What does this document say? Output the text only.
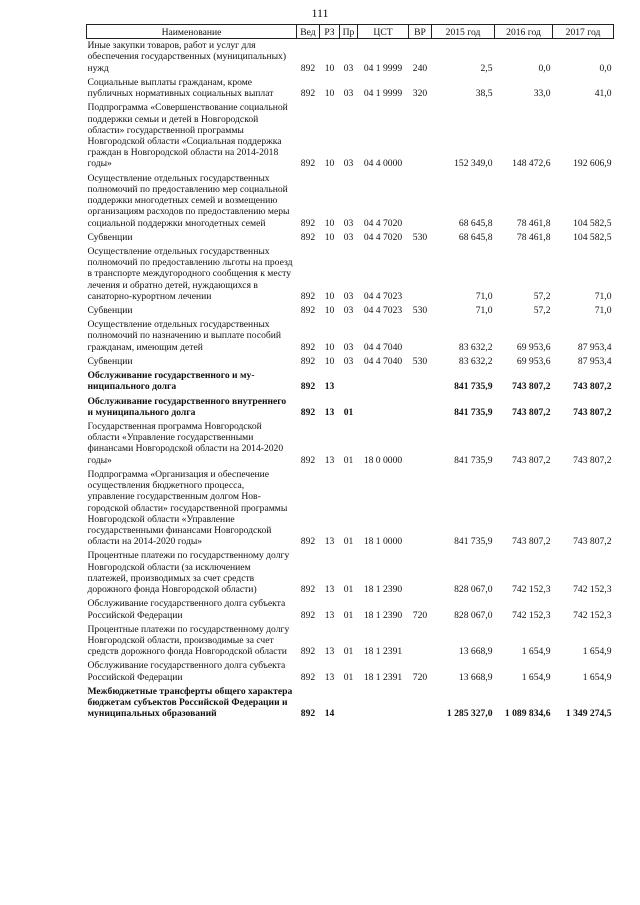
111
Наименование	Вед	РЗ	Пр	ЦСТ	ВР	2015 год	2016 год	2017 год
Иные закупки товаров, работ и услуг для обеспечения государственных (муниципальных) нужд	892	10	03	04 1 9999	240	2,5	0,0	0,0
Социальные выплаты гражданам, кроме публичных нормативных социальных выплат	892	10	03	04 1 9999	320	38,5	33,0	41,0
Подпрограмма «Совершенствование социальной поддержки семьи и детей в Новгородской области» государственной программы Новгородской области «Социальная поддержка граждан в Новгородской области на 2014-2018 годы»	892	10	03	04 4 0000		152 349,0	148 472,6	192 606,9
Осуществление отдельных государственных полномочий по предоставлению мер социальной поддержки многодетных семей и возмещению организациям расходов по предоставлению меры социальной поддержки многодетных семей	892	10	03	04 4 7020		68 645,8	78 461,8	104 582,5
Субвенции	892	10	03	04 4 7020	530	68 645,8	78 461,8	104 582,5
Осуществление отдельных государственных полномочий по предоставлению льготы на проезд в транспорте междугородного сообщения к месту лечения и обратно детей, нуждающихся в санаторно-курортном лечении	892	10	03	04 4 7023		71,0	57,2	71,0
Субвенции	892	10	03	04 4 7023	530	71,0	57,2	71,0
Осуществление отдельных государственных полномочий по назначению и выплате пособий гражданам, имеющим детей	892	10	03	04 4 7040		83 632,2	69 953,6	87 953,4
Субвенции	892	10	03	04 4 7040	530	83 632,2	69 953,6	87 953,4
Обслуживание государственного и муниципального долга	892	13				841 735,9	743 807,2	743 807,2
Обслуживание государственного внутреннего и муниципального долга	892	13	01			841 735,9	743 807,2	743 807,2
Государственная программа Новгородской области «Управление государственными финансами Новгородской области на 2014-2020 годы»	892	13	01	18 0 0000		841 735,9	743 807,2	743 807,2
Подпрограмма «Организация и обеспечение осуществления бюджетного процесса, управление государственным долгом Новгородской области» государственной программы Новгородской области «Управление государственными финансами Новгородской области на 2014-2020 годы»	892	13	01	18 1 0000		841 735,9	743 807,2	743 807,2
Процентные платежи по государственному долгу Новгородской области (за исключением платежей, производимых за счет средств дорожного фонда Новгородской области)	892	13	01	18 1 2390		828 067,0	742 152,3	742 152,3
Обслуживание государственного долга субъекта Российской Федерации	892	13	01	18 1 2390	720	828 067,0	742 152,3	742 152,3
Процентные платежи по государственному долгу Новгородской области, производимые за счет средств дорожного фонда Новгородской области	892	13	01	18 1 2391		13 668,9	1 654,9	1 654,9
Обслуживание государственного долга субъекта Российской Федерации	892	13	01	18 1 2391	720	13 668,9	1 654,9	1 654,9
Межбюджетные трансферты общего характера бюджетам субъектов Российской Федерации и муниципальных образований	892	14				1 285 327,0	1 089 834,6	1 349 274,5
